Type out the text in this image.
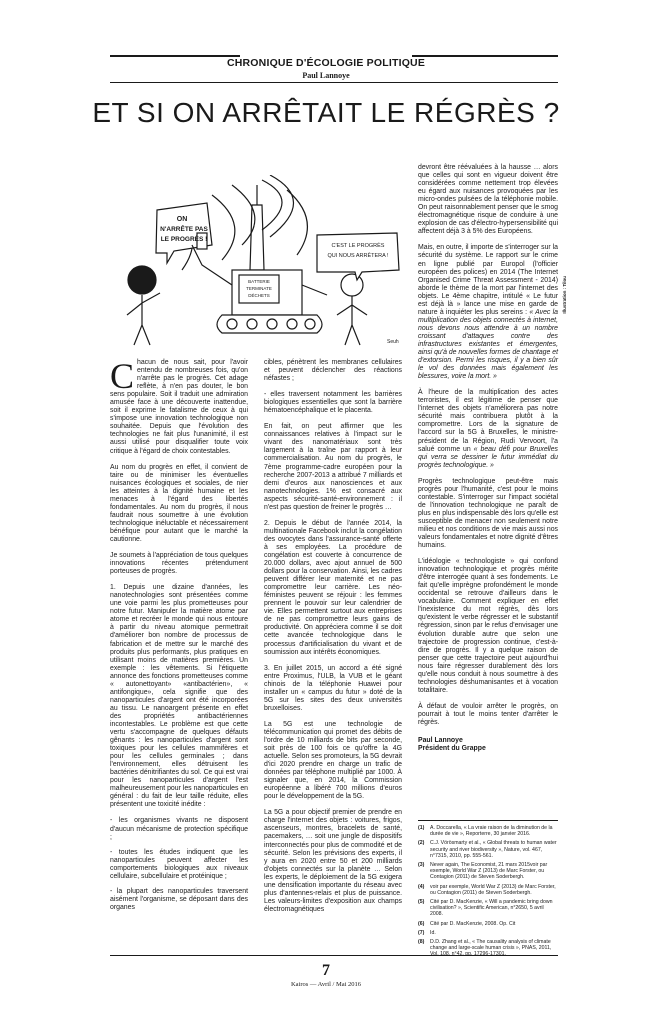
CHRONIQUE D'ÉCOLOGIE POLITIQUE
Paul Lannoye
ET SI ON ARRÊTAIT LE RÉGRÈS ?
ON
N'ARRÊTE PAS
LE PROGRÈS !
C'EST LE PROGRÈS
QUI NOUS ARRÊTERA !
BATTERIE
TERMINATE
DÉCHETS
Seuh
Illustration : Tilou

Chacun de nous sait, pour l'avoir entendu de nombreuses fois, qu'on n'arrête pas le progrès. Cet adage reflète, à n'en pas douter, le bon sens populaire. Soit il traduit une admiration amusée face à une découverte inattendue, soit il exprime le fatalisme de ceux à qui s'impose une innovation technologique non souhaitée. Depuis que l'évolution des technologies ne fait plus l'unanimité, il est aussi utilisé pour disqualifier toute voix critique à l'égard de choix contestables.

Au nom du progrès en effet, il convient de taire ou de minimiser les éventuelles nuisances écologiques et sociales, de nier les atteintes à la dignité humaine et les menaces à l'égard des libertés fondamentales. Au nom du progrès, il nous faudrait nous soumettre à une évolution technologique inéluctable et nécessairement bénéfique pour autant que le marché la cautionne.

Je soumets à l'appréciation de tous quelques innovations récentes prétendument porteuses de progrès.

1. Depuis une dizaine d'années, les nanotechnologies sont présentées comme une voie parmi les plus prometteuses pour notre futur. Manipuler la matière atome par atome et recréer le monde qui nous entoure à partir du niveau atomique permettrait d'améliorer bon nombre de processus de fabrication et de mettre sur le marché des produits plus performants, plus pratiques en utilisant moins de matières premières. Un exemple : les vêtements. Si l'étiquette annonce des fonctions prometteuses comme « autonettoyant» «antibactérien», « antifongique», cela signifie que des nanoparticules d'argent ont été incorporées au tissu. Le nanoargent présente en effet des propriétés antibactériennes incontestables. Le problème est que cette vertu s'accompagne de quelques défauts gênants : les nanoparticules d'argent sont toxiques pour les cellules mammifères et pour les cellules germinales ; dans l'environnement, elles détruisent les bactéries dénitrifiantes du sol. Ce qui est vrai pour les nanoparticules d'argent l'est malheureusement pour les nanoparticules en général : du fait de leur taille réduite, elles présentent une toxicité inédite :

- les organismes vivants ne disposent d'aucun mécanisme de protection spécifique ;
- toutes les études indiquent que les nanoparticules peuvent affecter les comportements biologiques aux niveaux cellulaire, subcellulaire et protéinique ;
- la plupart des nanoparticules traversent aisément l'organisme, se déposant dans des organes

cibles, pénètrent les membranes cellulaires et peuvent déclencher des réactions néfastes ;

- elles traversent notamment les barrières biologiques essentielles que sont la barrière hématoencéphalique et le placenta.

En fait, on peut affirmer que les connaissances relatives à l'impact sur le vivant des nanomatériaux sont très largement à la traîne par rapport à leur commercialisation. Au nom du progrès, le 7ème programme-cadre européen pour la recherche 2007-2013 a attribué 7 milliards et demi d'euros aux nanosciences et aux nanotechnologies. 1% est consacré aux aspects sécurité-santé-environnement : il n'est pas question de freiner le progrès …

2. Depuis le début de l'année 2014, la multinationale Facebook inclut la congélation des ovocytes dans l'assurance-santé offerte à ses employées. La procédure de congélation est couverte à concurrence de 20.000 dollars, avec ajout annuel de 500 dollars pour la conservation. Ainsi, les cadres peuvent différer leur maternité et ne pas compromettre leur carrière. Les néo-féministes peuvent se réjouir : les femmes prennent le pouvoir sur leur calendrier de vie. Elles permettent surtout aux entreprises de ne pas compromettre leurs gains de productivité. On appréciera comme il se doit cette avancée technologique dans le processus d'artificialisation du vivant et de soumission aux intérêts économiques.

3. En juillet 2015, un accord a été signé entre Proximus, l'ULB, la VUB et le géant chinois de la téléphonie Huawei pour installer un « campus du futur » doté de la 5G sur les sites des deux universités bruxelloises.

La 5G est une technologie de télécommunication qui promet des débits de l'ordre de 10 milliards de bits par seconde, soit près de 100 fois ce qu'offre la 4G actuelle. Selon ses promoteurs, la 5G devrait d'ici 2020 prendre en charge un trafic de données par téléphone multiplié par 1000. À signaler que, en 2014, la Commission européenne a libéré 700 millions d'euros pour le développement de la 5G.

La 5G a pour objectif premier de prendre en charge l'internet des objets : voitures, frigos, ascenseurs, montres, bracelets de santé, pacemakers, … soit une jungle de dispositifs interconnectés pour plus de commodité et de sécurité. Selon les prévisions des experts, il y aura en 2020 entre 50 et 200 milliards d'objets connectés sur la planète … Selon les experts, le déploiement de la 5G exigera une densification importante du réseau avec plus d'antennes-relais et plus de puissance. Les valeurs-limites d'exposition aux champs électromagnétiques

devront être réévaluées à la hausse … alors que celles qui sont en vigueur doivent être considérées comme nettement trop élevées eu égard aux nuisances provoquées par les micro-ondes pulsées de la téléphonie mobile. On peut raisonnablement penser que le smog électromagnétique risque de conduire à une explosion de cas d'électro-hypersensibilité qui affectent déjà 3 à 5% des Européens.

Mais, en outre, il importe de s'interroger sur la sécurité du système. Le rapport sur le crime en ligne publié par Europol (l'officier européen des polices) en 2014 (The Internet Organised Crime Threat Assessment - 2014) aborde le thème de la mort par l'internet des objets. Le 4ème chapitre, intitulé « Le futur est déjà là » lance une mise en garde de nature à inquiéter les plus sereins : « Avec la multiplication des objets connectés à internet, nous devons nous attendre à un nombre croissant d'attaques contre des infrastructures existantes et émergentes, ainsi qu'à de nouvelles formes de chantage et d'extorsion. Permi les risques, il y a bien sûr le vol des données mais également les blessures, voire la mort. »

À l'heure de la multiplication des actes terroristes, il est légitime de penser que l'internet des objets n'améliorera pas notre sécurité mais contribuera plutôt à la compromettre. Lors de la signature de l'accord sur la 5G à Bruxelles, le ministre-président de la Région, Rudi Vervoort, l'a salué comme un « beau défi pour Bruxelles qui verra se dessiner le futur immédiat du progrès technologique. »

Progrès technologique peut-être mais progrès pour l'humanité, c'est pour le moins contestable. S'interroger sur l'impact sociétal de l'innovation technologique ne paraît de plus en plus indispensable dès lors qu'elle est susceptible de menacer non seulement notre milieu et nos conditions de vie mais aussi nos valeurs fondamentales et notre dignité d'êtres humains.

L'idéologie « technologiste » qui confond innovation technologique et progrès mérite d'être interrogée quant à ses fondements. Le fait qu'elle imprègne profondément le monde occidental se retrouve d'ailleurs dans le vocabulaire. Comment expliquer en effet l'inexistence du mot régrès, dès lors qu'existent le verbe régresser et le substantif régression, sinon par le refus d'envisager une évolution durable autre que selon une trajectoire de progression continue, c'est-à-dire de progrès. Il y a quelque raison de penser que cette trajectoire peut aujourd'hui nous faire régresser durablement dès lors qu'elle nous conduit à nous soumettre à des technologies déshumanisantes et à vocation totalitaire.

À défaut de vouloir arrêter le progrès, on pourrait à tout le moins tenter d'arrêter le régrès.

Paul Lannoye
Président du Grappe
(1)	A. Doccarella, « La vraie raison de la diminution de la durée de vie », Reporterre, 30 janvier 2016.
(2)	C.J. Vörösmarty et al., « Global threats to human water security and river biodiversity », Nature, vol. 467, n°7315, 2010, pp. 555-561.
(3)	Never again, The Economist, 21 mars 2015voir par exemple, World War Z (2013) de Marc Forster, ou Contagion (2011) de Steven Soderbergh.
(4)	voir par exemple, World War Z (2013) de Marc Forster, ou Contagion (2011) de Steven Soderbergh.
(5)	Cité par D. MacKenzie, « Will a pandemic bring down civilisation? », Scientific American, n°2650, 5 avril 2008.
(6)	Cité par D. MacKenzie, 2008. Op. Cit
(7)	Id.
(8)	D.D. Zhang et al., « The causality analysis of climate change and large-scale human crisis », PNAS, 2011,
7
Kairos — Avril / Mai 2016
